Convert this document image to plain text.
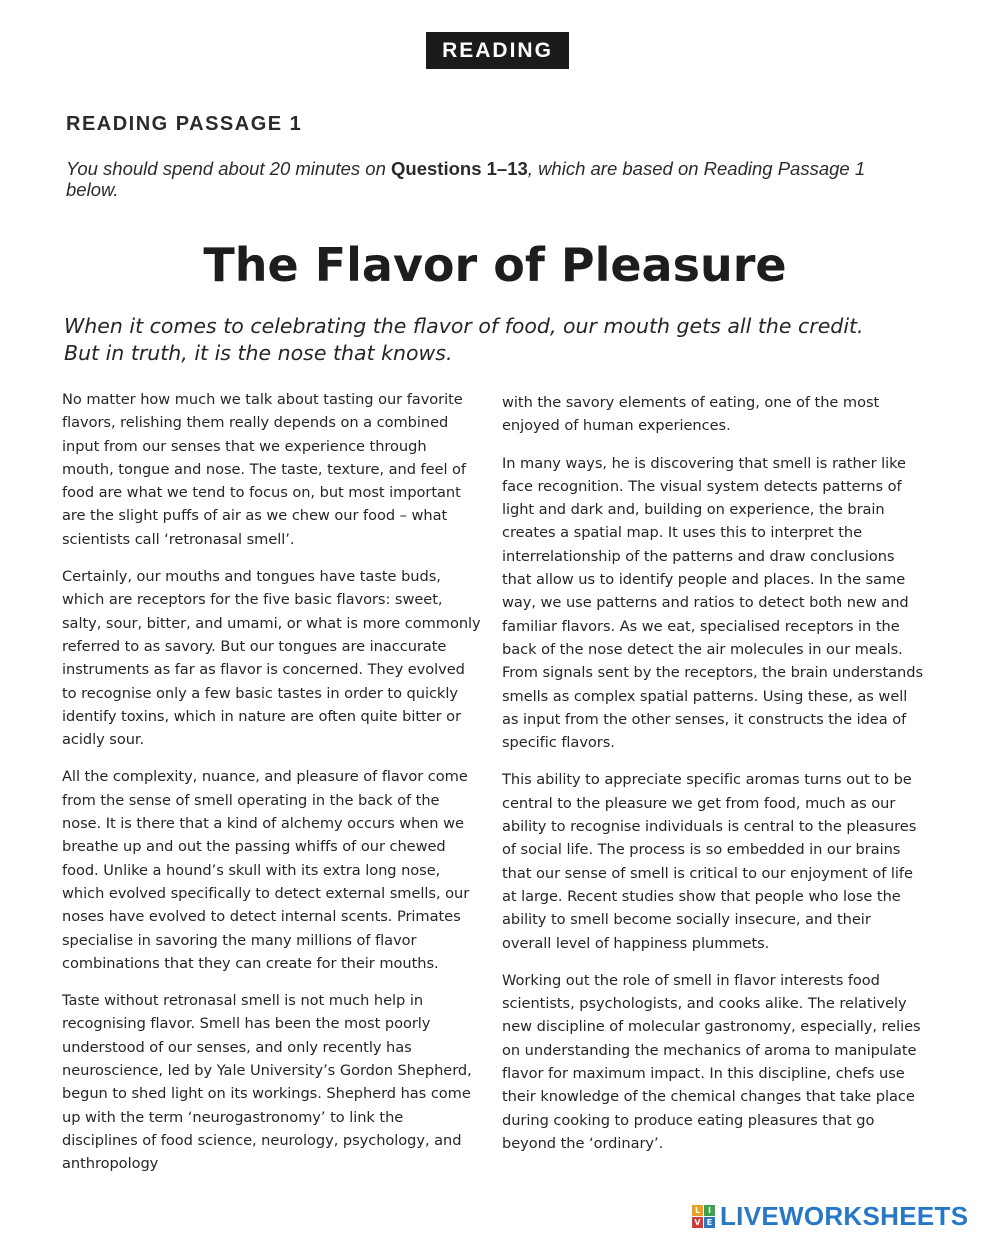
READING
READING PASSAGE 1
You should spend about 20 minutes on Questions 1–13, which are based on Reading Passage 1 below.
The Flavor of Pleasure
When it comes to celebrating the flavor of food, our mouth gets all the credit. But in truth, it is the nose that knows.

No matter how much we talk about tasting our favorite flavors, relishing them really depends on a combined input from our senses that we experience through mouth, tongue and nose. The taste, texture, and feel of food are what we tend to focus on, but most important are the slight puffs of air as we chew our food – what scientists call ‘retronasal smell’.

Certainly, our mouths and tongues have taste buds, which are receptors for the five basic flavors: sweet, salty, sour, bitter, and umami, or what is more commonly referred to as savory. But our tongues are inaccurate instruments as far as flavor is concerned. They evolved to recognise only a few basic tastes in order to quickly identify toxins, which in nature are often quite bitter or acidly sour.

All the complexity, nuance, and pleasure of flavor come from the sense of smell operating in the back of the nose. It is there that a kind of alchemy occurs when we breathe up and out the passing whiffs of our chewed food. Unlike a hound’s skull with its extra long nose, which evolved specifically to detect external smells, our noses have evolved to detect internal scents. Primates specialise in savoring the many millions of flavor combinations that they can create for their mouths.

Taste without retronasal smell is not much help in recognising flavor. Smell has been the most poorly understood of our senses, and only recently has neuroscience, led by Yale University’s Gordon Shepherd, begun to shed light on its workings. Shepherd has come up with the term ‘neurogastronomy’ to link the disciplines of food science, neurology, psychology, and anthropology

with the savory elements of eating, one of the most enjoyed of human experiences.

In many ways, he is discovering that smell is rather like face recognition. The visual system detects patterns of light and dark and, building on experience, the brain creates a spatial map. It uses this to interpret the interrelationship of the patterns and draw conclusions that allow us to identify people and places. In the same way, we use patterns and ratios to detect both new and familiar flavors. As we eat, specialised receptors in the back of the nose detect the air molecules in our meals. From signals sent by the receptors, the brain understands smells as complex spatial patterns. Using these, as well as input from the other senses, it constructs the idea of specific flavors.

This ability to appreciate specific aromas turns out to be central to the pleasure we get from food, much as our ability to recognise individuals is central to the pleasures of social life. The process is so embedded in our brains that our sense of smell is critical to our enjoyment of life at large. Recent studies show that people who lose the ability to smell become socially insecure, and their overall level of happiness plummets.

Working out the role of smell in flavor interests food scientists, psychologists, and cooks alike. The relatively new discipline of molecular gastronomy, especially, relies on understanding the mechanics of aroma to manipulate flavor for maximum impact. In this discipline, chefs use their knowledge of the chemical changes that take place during cooking to produce eating pleasures that go beyond the ‘ordinary’.

L I
V E LIVEWORKSHEETS
